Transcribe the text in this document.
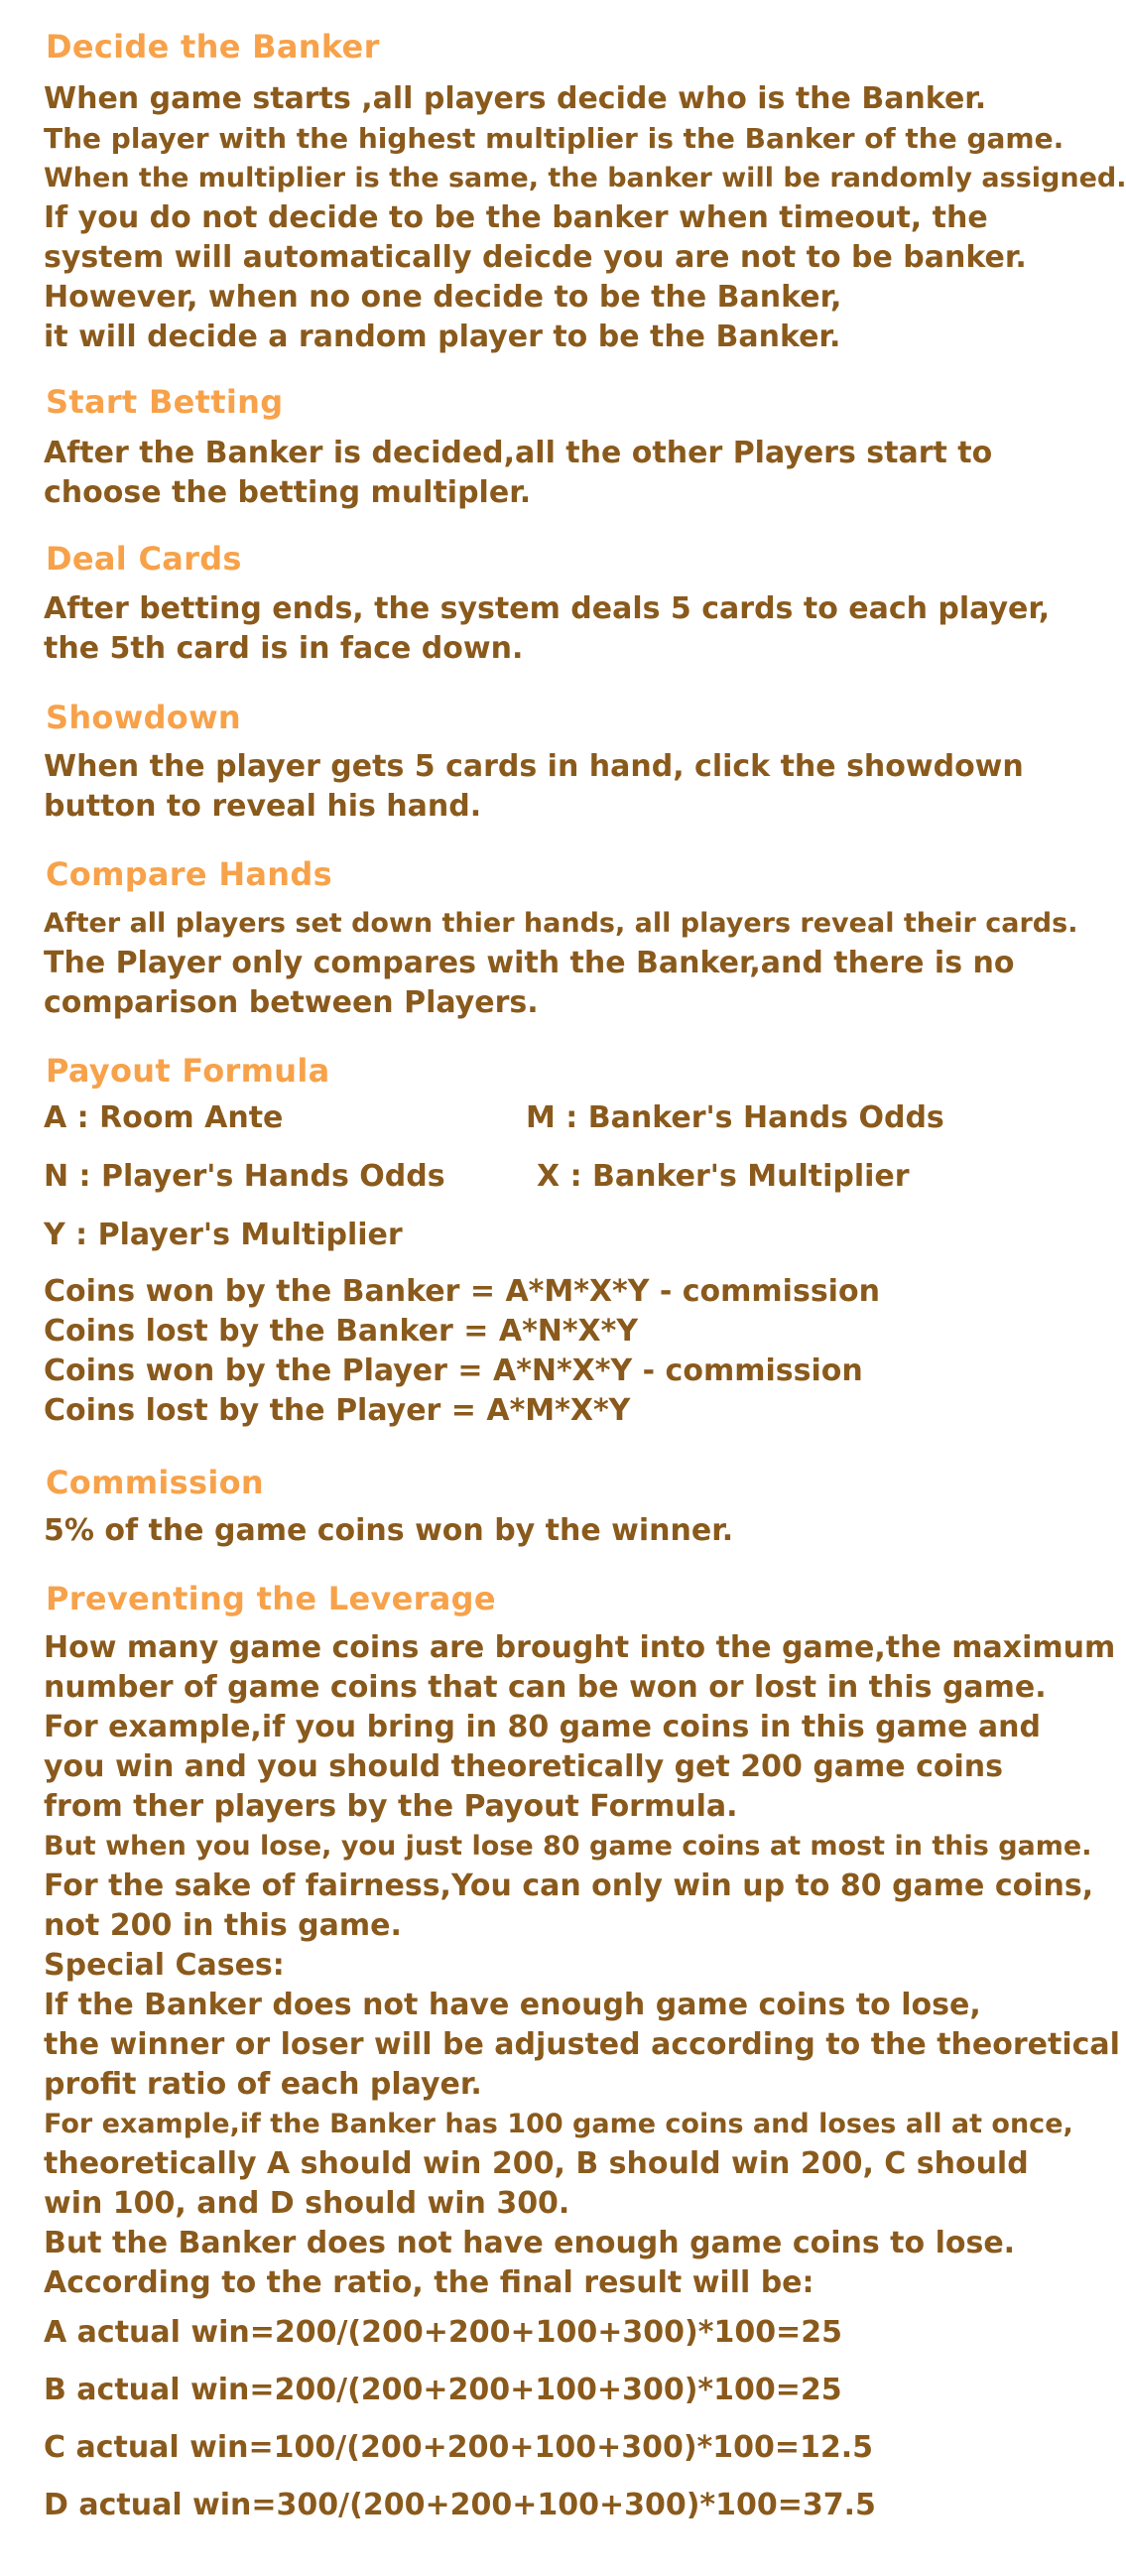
Decide the Banker
When game starts ,all players decide who is the Banker.
The player with the highest multiplier is the Banker of the game.
When the multiplier is the same, the banker will be randomly assigned.
If you do not decide to be the banker when timeout, the
system will automatically deicde you are not to be banker.
However, when no one decide to be the Banker,
it will decide a random player to be the Banker.
Start Betting
After the Banker is decided,all the other Players start to
choose the betting multipler.
Deal Cards
After betting ends, the system deals 5 cards to each player,
the 5th card is in face down.
Showdown
When the player gets 5 cards in hand, click the showdown
button to reveal his hand.
Compare Hands
After all players set down thier hands, all players reveal their cards.
The Player only compares with the Banker,and there is no
comparison between Players.
Payout Formula
A : Room Ante	M : Banker's Hands Odds
N : Player's Hands Odds	X : Banker's Multiplier
Y : Player's Multiplier
Coins won by the Banker = A*M*X*Y - commission
Coins lost by the Banker = A*N*X*Y
Coins won by the Player = A*N*X*Y - commission
Coins lost by the Player = A*M*X*Y
Commission
5% of the game coins won by the winner.
Preventing the Leverage
How many game coins are brought into the game,the maximum
number of game coins that can be won or lost in this game.
For example,if you bring in 80 game coins in this game and
you win and you should theoretically get 200 game coins
from ther players by the Payout Formula.
But when you lose, you just lose 80 game coins at most in this game.
For the sake of fairness,You can only win up to 80 game coins,
not 200 in this game.
Special Cases:
If the Banker does not have enough game coins to lose,
the winner or loser will be adjusted according to the theoretical
profit ratio of each player.
For example,if the Banker has 100 game coins and loses all at once,
theoretically A should win 200, B should win 200, C should
win 100, and D should win 300.
But the Banker does not have enough game coins to lose.
According to the ratio, the final result will be:
A actual win=200/(200+200+100+300)*100=25
B actual win=200/(200+200+100+300)*100=25
C actual win=100/(200+200+100+300)*100=12.5
D actual win=300/(200+200+100+300)*100=37.5
